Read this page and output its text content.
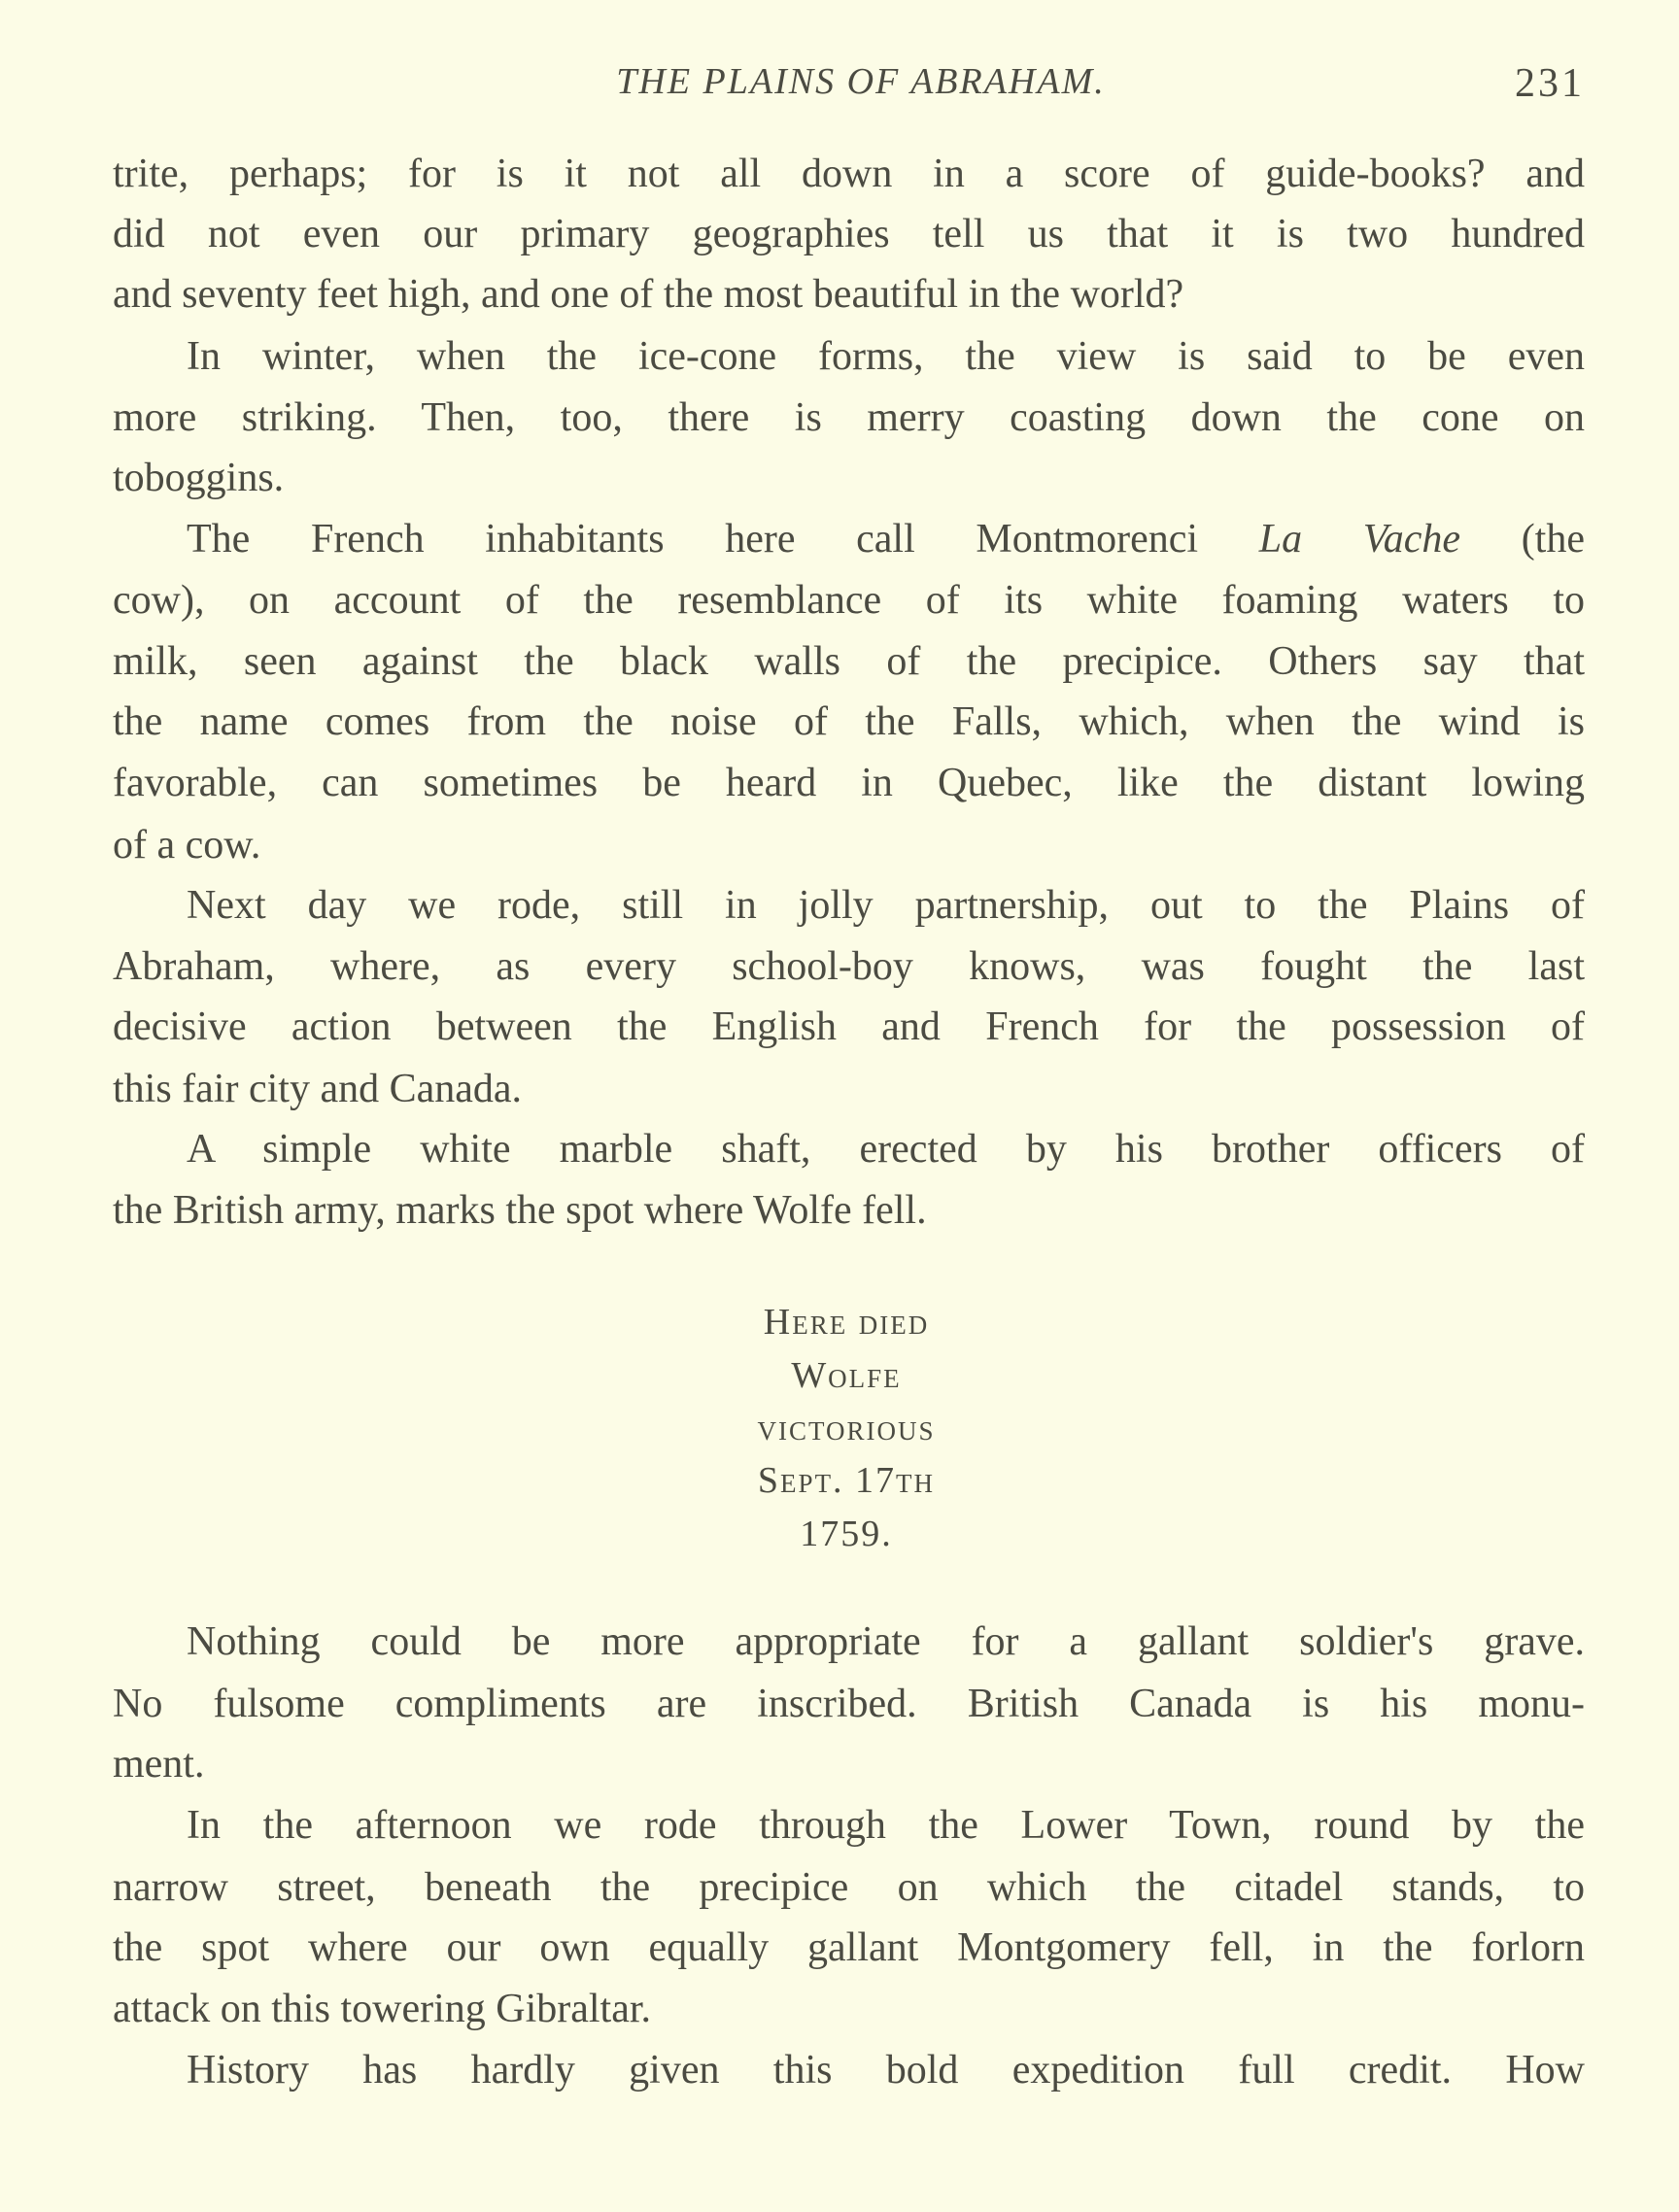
THE PLAINS OF ABRAHAM.	231
trite, perhaps; for is it not all down in a score of guide-books? and
did not even our primary geographies tell us that it is two hundred
and seventy feet high, and one of the most beautiful in the world?
In winter, when the ice-cone forms, the view is said to be even
more striking. Then, too, there is merry coasting down the cone on
toboggins.
The French inhabitants here call Montmorenci La Vache (the
cow), on account of the resemblance of its white foaming waters to
milk, seen against the black walls of the precipice. Others say that
the name comes from the noise of the Falls, which, when the wind is
favorable, can sometimes be heard in Quebec, like the distant lowing
of a cow.
Next day we rode, still in jolly partnership, out to the Plains of
Abraham, where, as every school-boy knows, was fought the last
decisive action between the English and French for the possession of
this fair city and Canada.
A simple white marble shaft, erected by his brother officers of
the British army, marks the spot where Wolfe fell.
Nothing could be more appropriate for a gallant soldier's grave.
No fulsome compliments are inscribed. British Canada is his monu-
ment.
In the afternoon we rode through the Lower Town, round by the
narrow street, beneath the precipice on which the citadel stands, to
the spot where our own equally gallant Montgomery fell, in the forlorn
attack on this towering Gibraltar.
History has hardly given this bold expedition full credit. How
Here died
Wolfe
victorious
Sept. 17th
1759.
